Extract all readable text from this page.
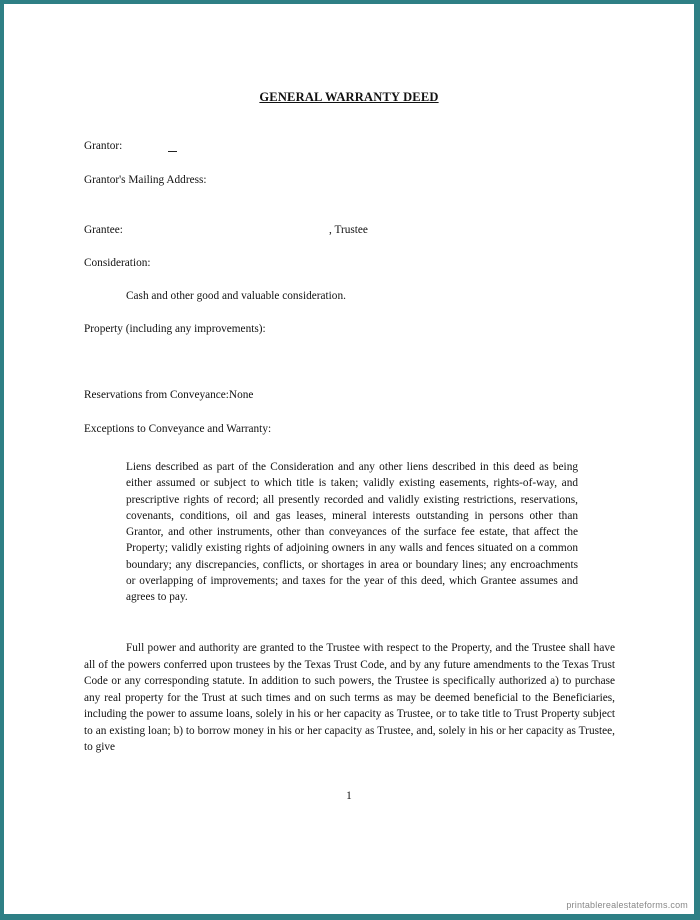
GENERAL WARRANTY DEED
Grantor:
Grantor's Mailing Address:
Grantee:	, Trustee
Consideration:
Cash and other good and valuable consideration.
Property (including any improvements):
Reservations from Conveyance:None
Exceptions to Conveyance and Warranty:
Liens described as part of the Consideration and any other liens described in this deed as being either assumed or subject to which title is taken; validly existing easements, rights-of-way, and prescriptive rights of record; all presently recorded and validly existing restrictions, reservations, covenants, conditions, oil and gas leases, mineral interests outstanding in persons other than Grantor, and other instruments, other than conveyances of the surface fee estate, that affect the Property; validly existing rights of adjoining owners in any walls and fences situated on a common boundary; any discrepancies, conflicts, or shortages in area or boundary lines; any encroachments or overlapping of improvements; and taxes for the year of this deed, which Grantee assumes and agrees to pay.
Full power and authority are granted to the Trustee with respect to the Property, and the Trustee shall have all of the powers conferred upon trustees by the Texas Trust Code, and by any future amendments to the Texas Trust Code or any corresponding statute. In addition to such powers, the Trustee is specifically authorized a) to purchase any real property for the Trust at such times and on such terms as may be deemed beneficial to the Beneficiaries, including the power to assume loans, solely in his or her capacity as Trustee, or to take title to Trust Property subject to an existing loan; b) to borrow money in his or her capacity as Trustee, and, solely in his or her capacity as Trustee, to give
1
printablerealestateforms.com
